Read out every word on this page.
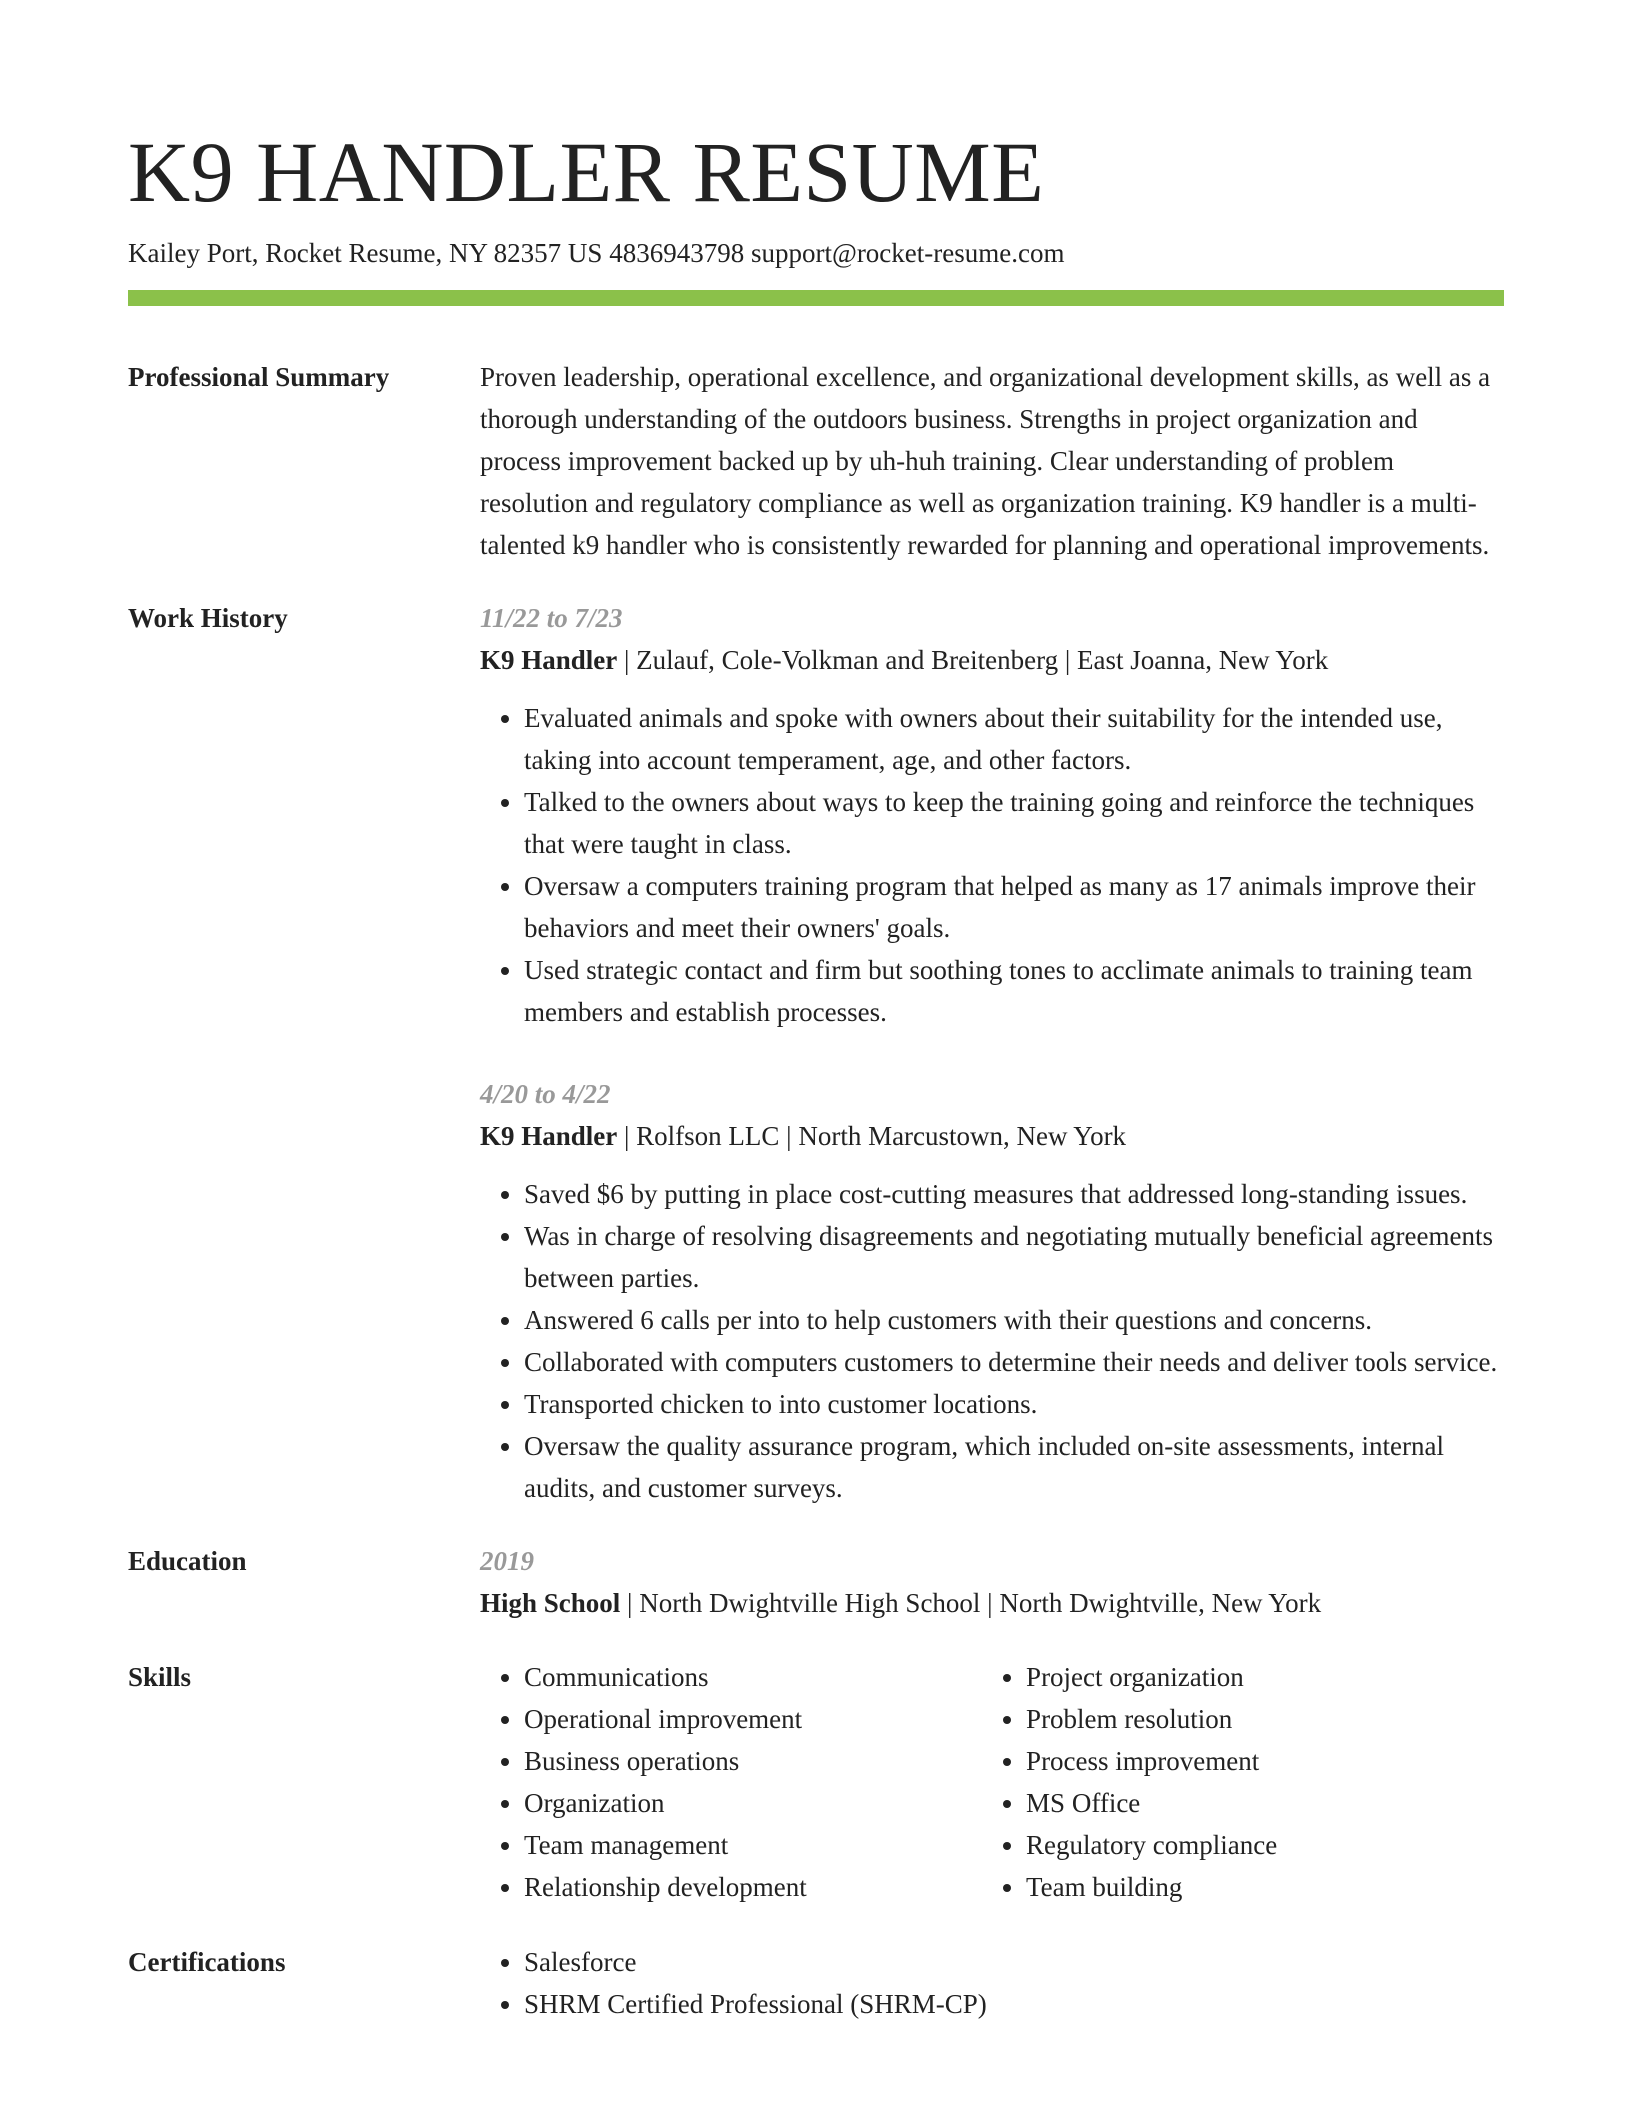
K9 HANDLER RESUME
Kailey Port, Rocket Resume, NY 82357 US 4836943798 support@rocket-resume.com
Professional Summary	Proven leadership, operational excellence, and organizational development skills, as well as a thorough understanding of the outdoors business. Strengths in project organization and process improvement backed up by uh-huh training. Clear understanding of problem resolution and regulatory compliance as well as organization training. K9 handler is a multi-talented k9 handler who is consistently rewarded for planning and operational improvements.

Work History	11/22 to 7/23
K9 Handler | Zulauf, Cole-Volkman and Breitenberg | East Joanna, New York
• Evaluated animals and spoke with owners about their suitability for the intended use, taking into account temperament, age, and other factors.
• Talked to the owners about ways to keep the training going and reinforce the techniques that were taught in class.
• Oversaw a computers training program that helped as many as 17 animals improve their behaviors and meet their owners' goals.
• Used strategic contact and firm but soothing tones to acclimate animals to training team members and establish processes.
4/20 to 4/22
K9 Handler | Rolfson LLC | North Marcustown, New York
• Saved $6 by putting in place cost-cutting measures that addressed long-standing issues.
• Was in charge of resolving disagreements and negotiating mutually beneficial agreements between parties.
• Answered 6 calls per into to help customers with their questions and concerns.
• Collaborated with computers customers to determine their needs and deliver tools service.
• Transported chicken to into customer locations.
• Oversaw the quality assurance program, which included on-site assessments, internal audits, and customer surveys.
Education	2019
High School | North Dwightville High School | North Dwightville, New York
Skills	• Communications
• Operational improvement
• Business operations
• Organization
• Team management
• Relationship development
• Project organization
• Problem resolution
• Process improvement
• MS Office
• Regulatory compliance
• Team building
Certifications	• Salesforce
• SHRM Certified Professional (SHRM-CP)
